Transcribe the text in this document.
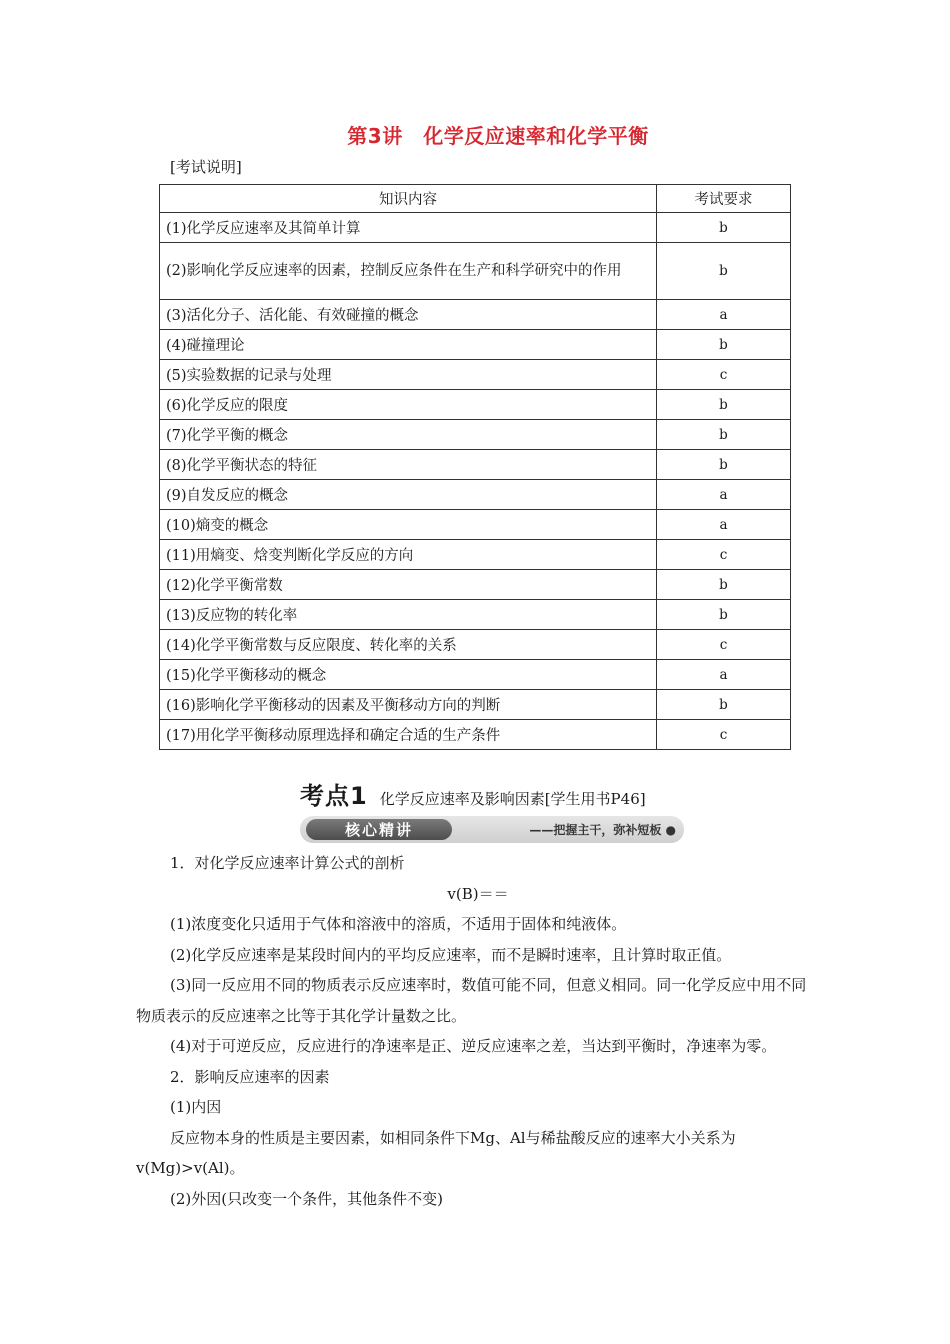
第3讲　化学反应速率和化学平衡
[考试说明]
知识内容	考试要求
(1)化学反应速率及其简单计算	b
(2)影响化学反应速率的因素，控制反应条件在生产和科学研究中的作用	b
(3)活化分子、活化能、有效碰撞的概念	a
(4)碰撞理论	b
(5)实验数据的记录与处理	c
(6)化学反应的限度	b
(7)化学平衡的概念	b
(8)化学平衡状态的特征	b
(9)自发反应的概念	a
(10)熵变的概念	a
(11)用熵变、焓变判断化学反应的方向	c
(12)化学平衡常数	b
(13)反应物的转化率	b
(14)化学平衡常数与反应限度、转化率的关系	c
(15)化学平衡移动的概念	a
(16)影响化学平衡移动的因素及平衡移动方向的判断	b
(17)用化学平衡移动原理选择和确定合适的生产条件	c
考点1 化学反应速率及影响因素[学生用书P46]
核心精讲	——把握主干，弥补短板 ●

1．对化学反应速率计算公式的剖析

v(B)＝＝

(1)浓度变化只适用于气体和溶液中的溶质，不适用于固体和纯液体。

(2)化学反应速率是某段时间内的平均反应速率，而不是瞬时速率，且计算时取正值。

(3)同一反应用不同的物质表示反应速率时，数值可能不同，但意义相同。同一化学反应中用不同物质表示的反应速率之比等于其化学计量数之比。

(4)对于可逆反应，反应进行的净速率是正、逆反应速率之差，当达到平衡时，净速率为零。

2．影响反应速率的因素

(1)内因

反应物本身的性质是主要因素，如相同条件下Mg、Al与稀盐酸反应的速率大小关系为v(Mg)>v(Al)。

(2)外因(只改变一个条件，其他条件不变)
